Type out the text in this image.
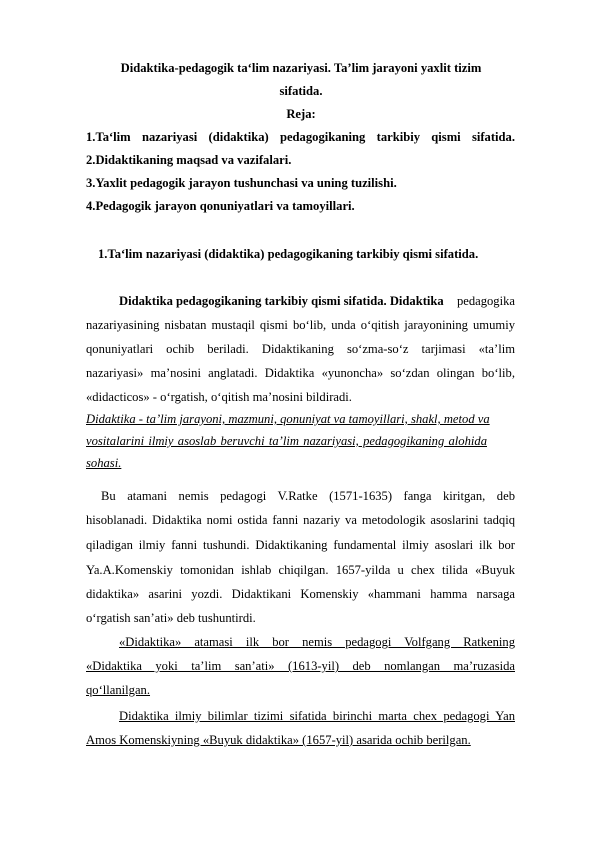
Didaktika-pedagogik ta‘lim nazariyasi. Ta’lim jarayoni yaxlit tizim
sifatida.
Reja:
1.Ta‘lim nazariyasi (didaktika) pedagogikaning tarkibiy qismi sifatida.
2.Didaktikaning maqsad va vazifalari.
3.Yaxlit pedagogik jarayon tushunchasi va uning tuzilishi.
4.Pedagogik jarayon qonuniyatlari va tamoyillari.
1.Ta‘lim nazariyasi (didaktika) pedagogikaning tarkibiy qismi sifatida.
Didaktika pedagogikaning tarkibiy qismi sifatida. Didaktika pedagogika
nazariyasining nisbatan mustaqil qismi bo‘lib, unda o‘qitish jarayonining umumiy
qonuniyatlari ochib beriladi. Didaktikaning so‘zma-so‘z tarjimasi «ta’lim
nazariyasi» ma’nosini anglatadi. Didaktika «yunoncha» so‘zdan olingan bo‘lib,
«didacticos» - o‘rgatish, o‘qitish ma’nosini bildiradi.
Didaktika - ta’lim jarayoni, mazmuni, qonuniyat va tamoyillari, shakl, metod va
vositalarini ilmiy asoslab beruvchi ta’lim nazariyasi, pedagogikaning alohida
sohasi.
Bu atamani nemis pedagogi V.Ratke (1571-1635) fanga kiritgan, deb
hisoblanadi. Didaktika nomi ostida fanni nazariy va metodologik asoslarini tadqiq
qiladigan ilmiy fanni tushundi. Didaktikaning fundamental ilmiy asoslari ilk bor
Ya.A.Komenskiy tomonidan ishlab chiqilgan. 1657-yilda u chex tilida «Buyuk
didaktika» asarini yozdi. Didaktikani Komenskiy «hammani hamma narsaga
o‘rgatish san’ati» deb tushuntirdi.
«Didaktika» atamasi ilk bor nemis pedagogi Volfgang Ratkening
«Didaktika yoki ta’lim san’ati» (1613-yil) deb nomlangan ma’ruzasida
qo‘llanilgan.
Didaktika ilmiy bilimlar tizimi sifatida birinchi marta chex pedagogi Yan
Amos Komenskiyning «Buyuk didaktika» (1657-yil) asarida ochib berilgan.
